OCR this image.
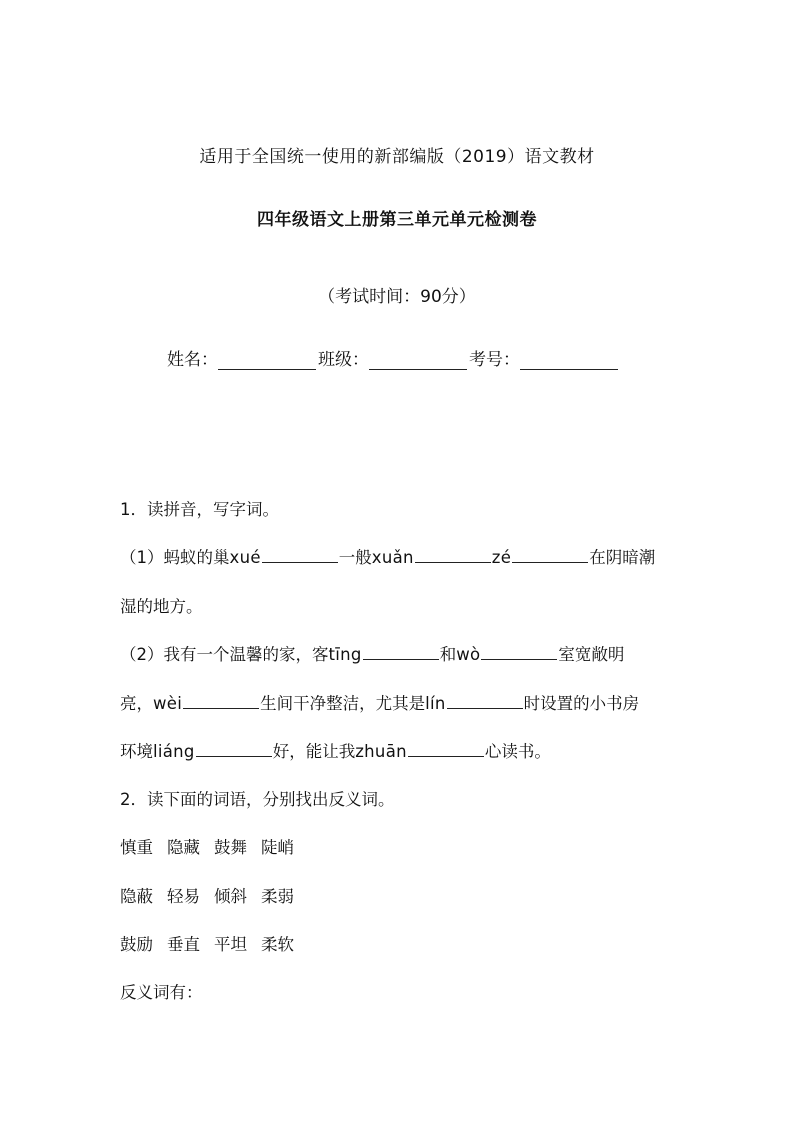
适用于全国统一使用的新部编版（2019）语文教材
四年级语文上册第三单元单元检测卷
（考试时间：90分）
姓名：	班级：	考号：
1．读拼音，写字词。
（1）蚂蚁的巢xué	一般xuǎn	zé	在阴暗潮
湿的地方。
（2）我有一个温馨的家，客tīng	和wò	室宽敞明
亮，wèi	生间干净整洁，尤其是lín	时设置的小书房
环境liáng	好，能让我zhuān	心读书。
2．读下面的词语，分别找出反义词。
慎重 隐藏 鼓舞 陡峭
隐蔽 轻易 倾斜 柔弱
鼓励 垂直 平坦 柔软
反义词有：
